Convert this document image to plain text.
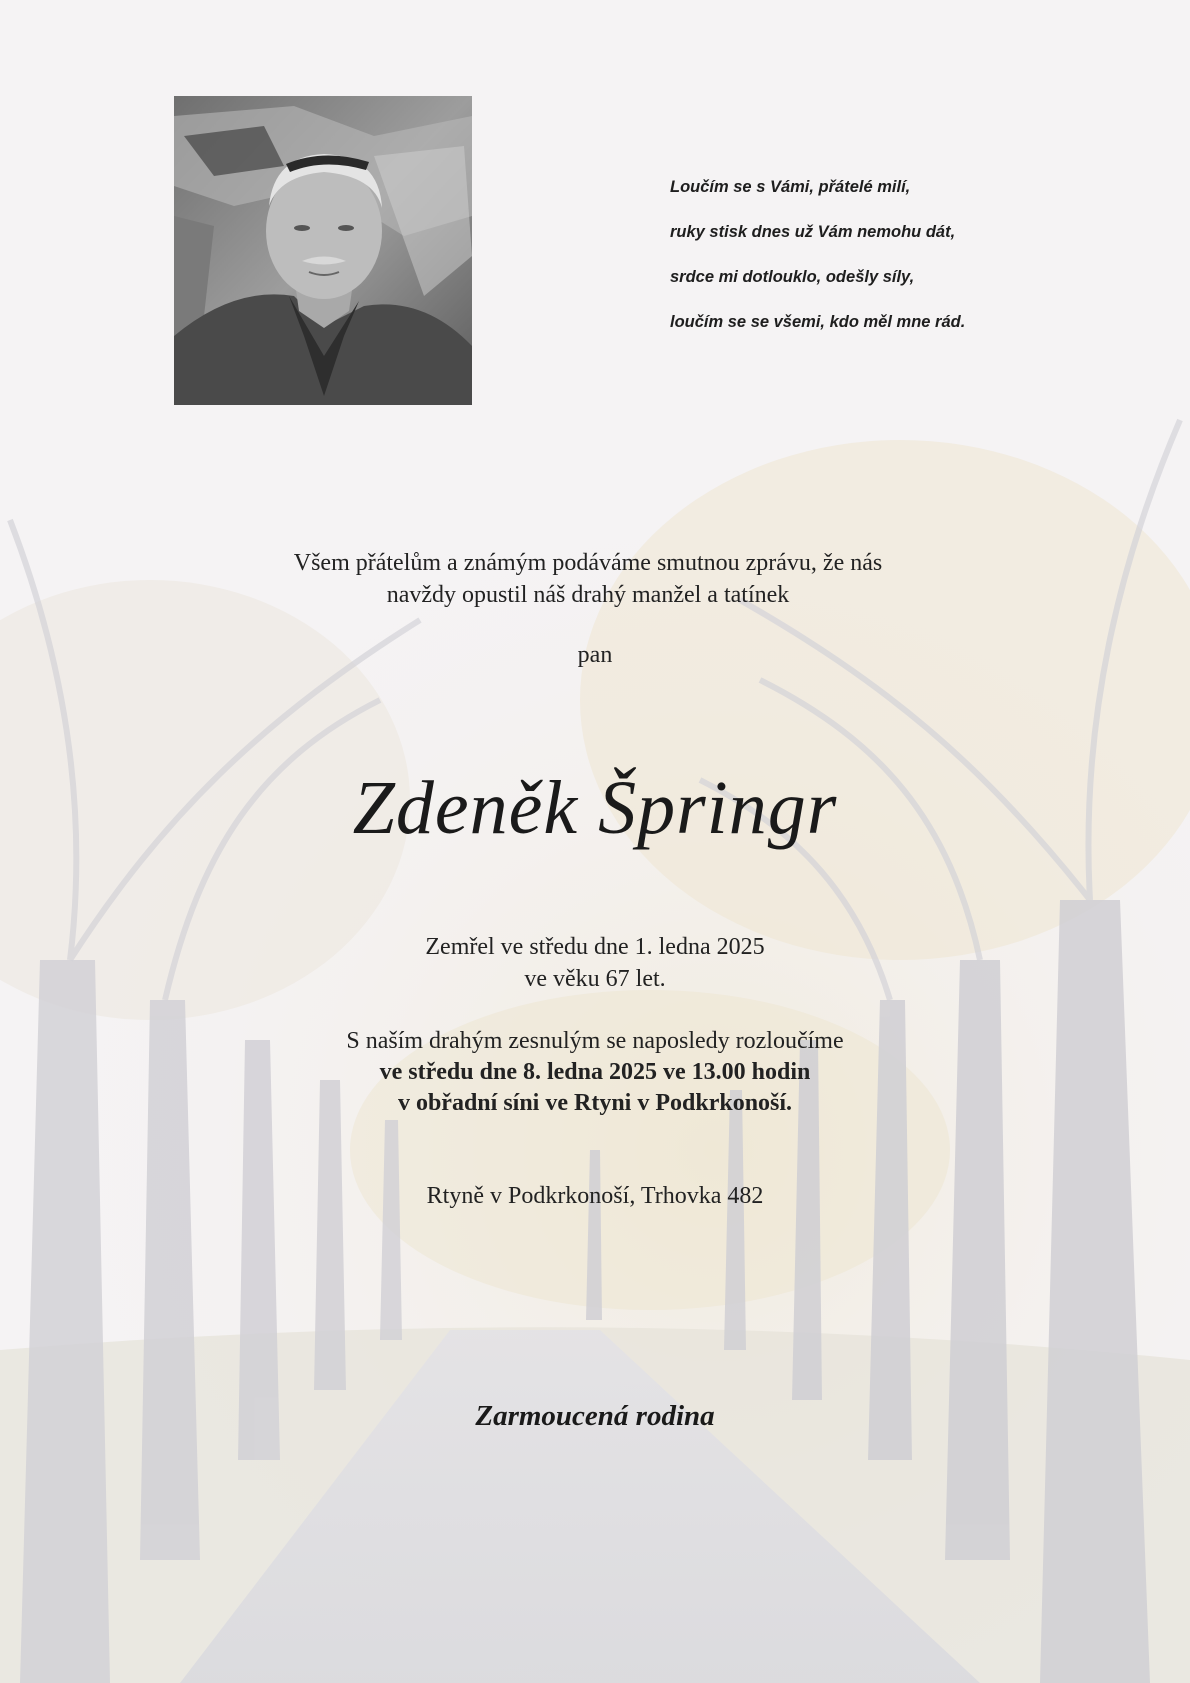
Loučím se s Vámi, přátelé milí,
ruky stisk dnes už Vám nemohu dát,
srdce mi dotlouklo, odešly síly,
loučím se se všemi, kdo měl mne rád.
Všem přátelům a známým podáváme smutnou zprávu, že nás
navždy opustil náš drahý manžel a tatínek
pan
Zdeněk Špringr
Zemřel ve středu dne 1. ledna 2025
ve věku 67 let.
S naším drahým zesnulým se naposledy rozloučíme
ve středu dne 8. ledna 2025 ve 13.00 hodin
v obřadní síni ve Rtyni v Podkrkonoší.
Rtyně v Podkrkonoší, Trhovka 482
Zarmoucená rodina
